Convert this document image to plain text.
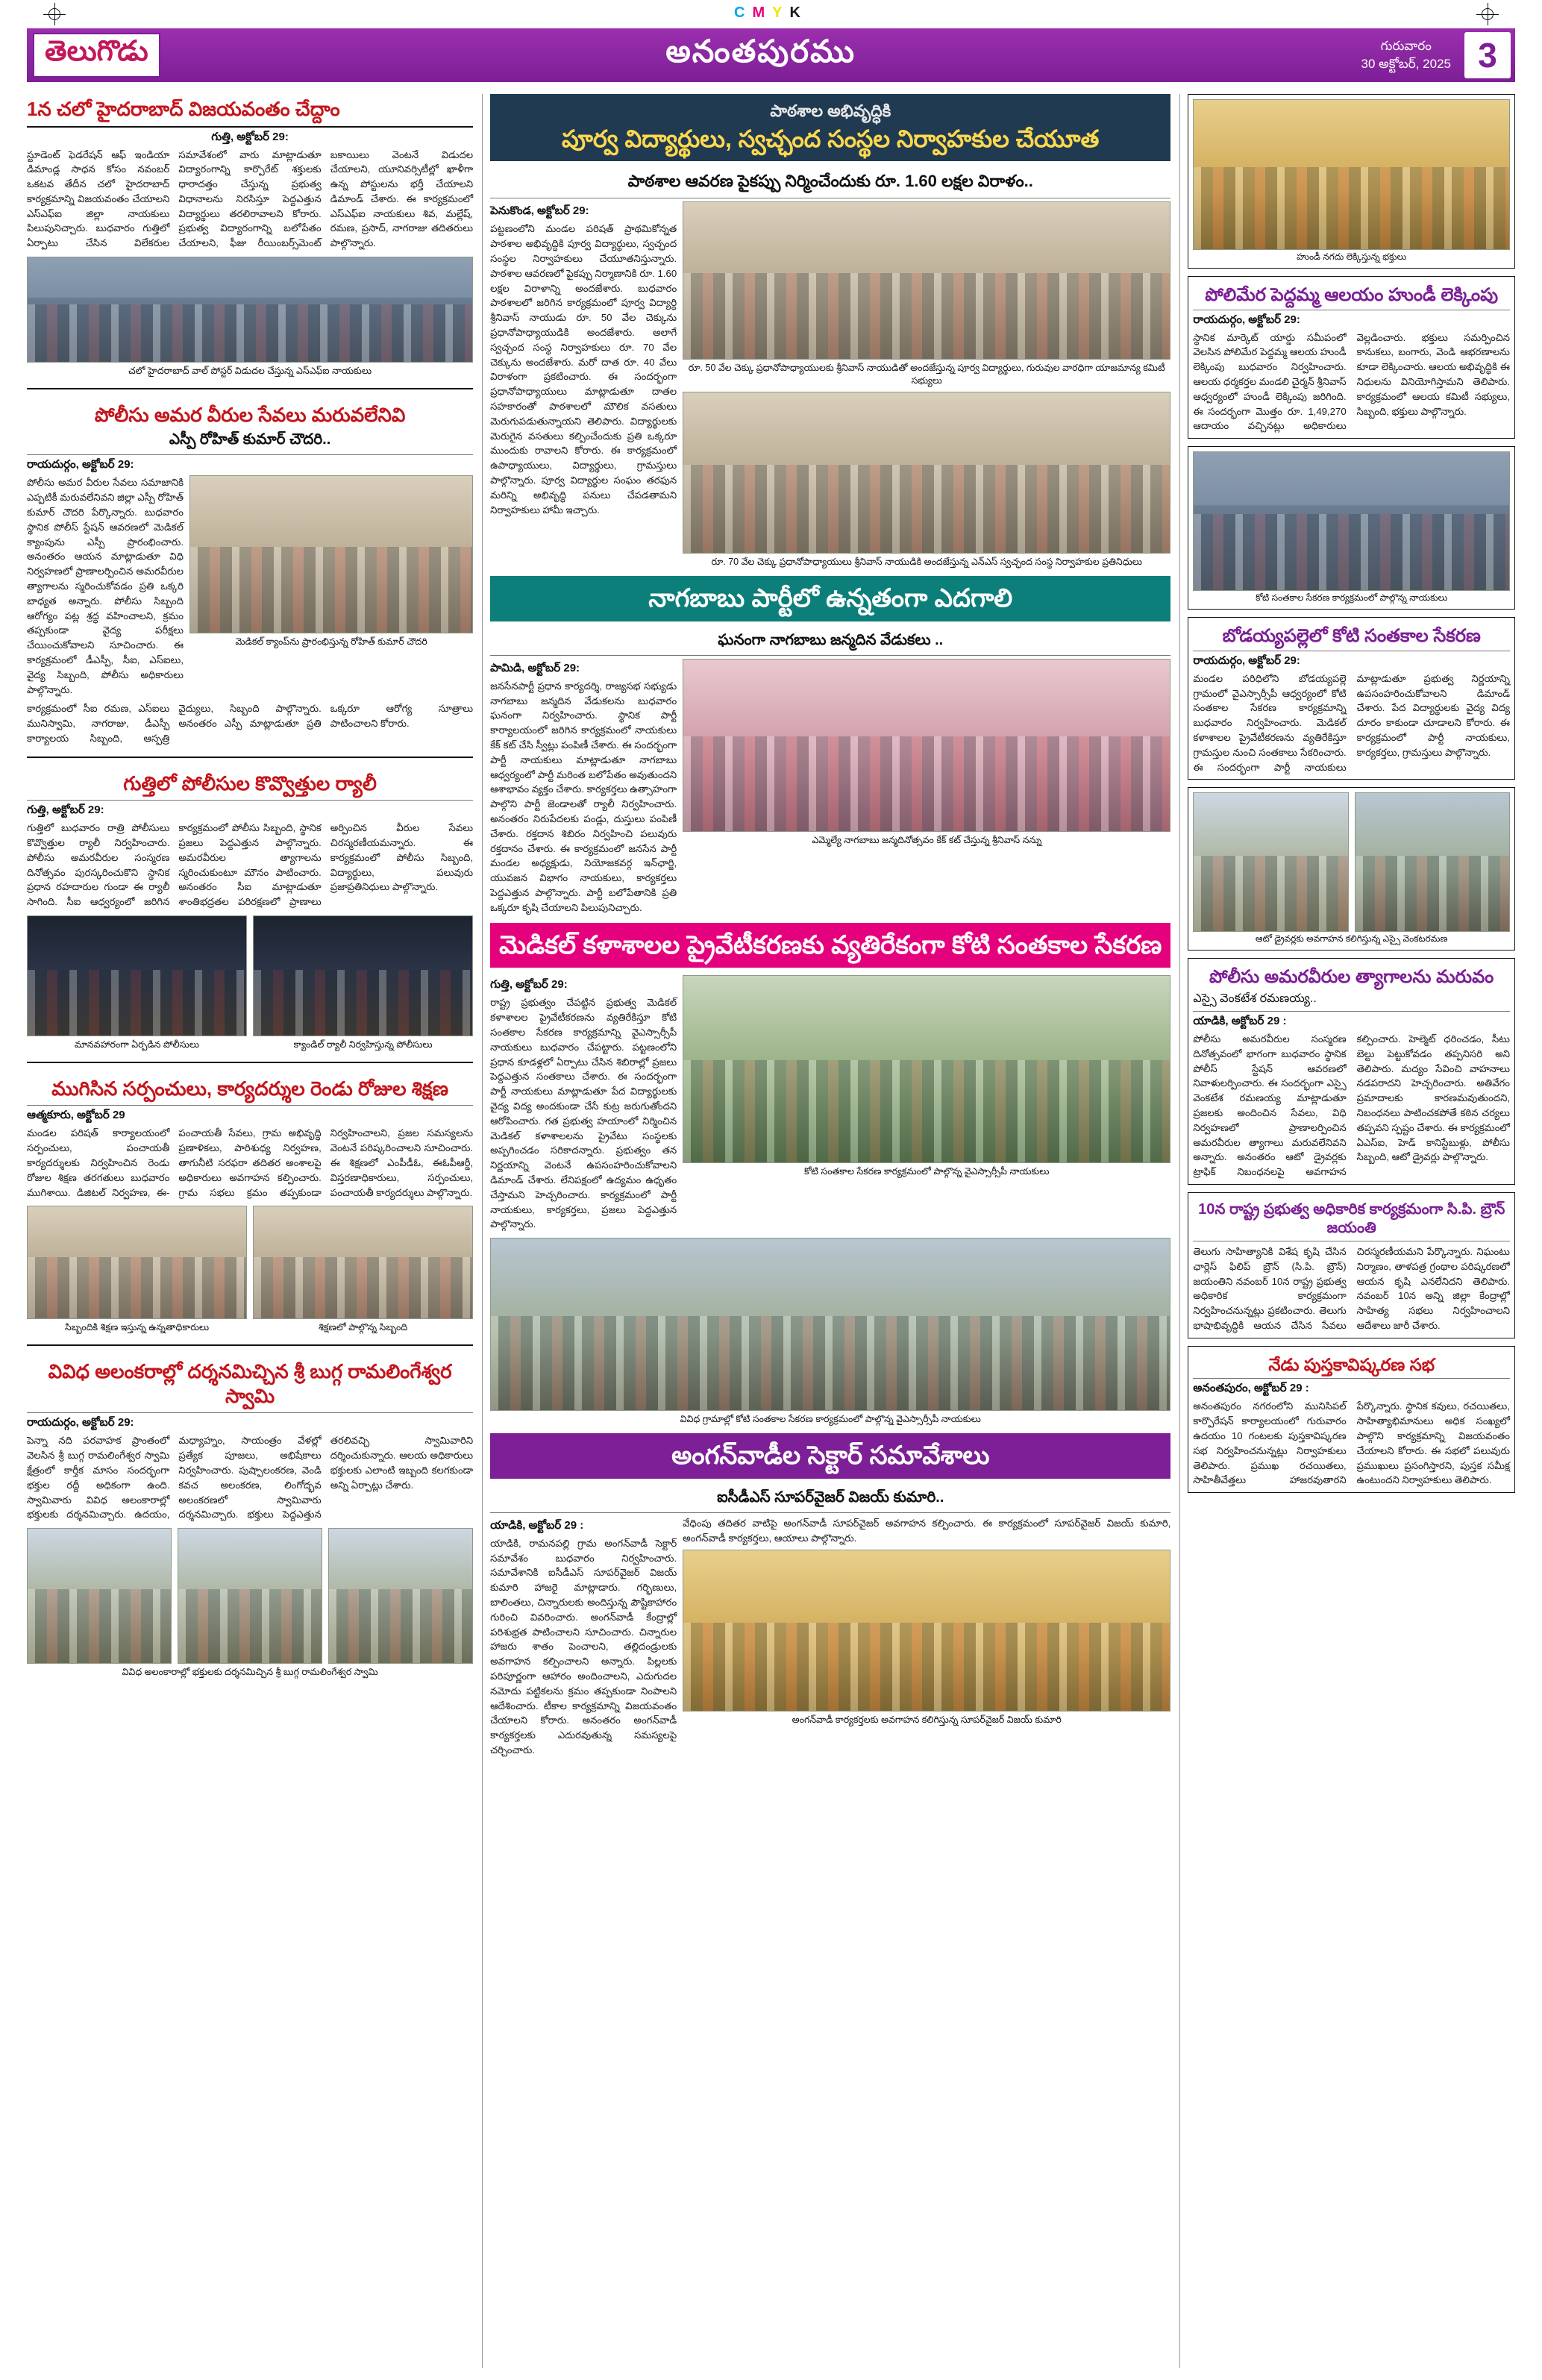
CMYK
తెలుగొడు	అనంతపురము	గురువారం
30 అక్టోబర్, 2025 3
1న చలో హైదరాబాద్ విజయవంతం చేద్దాం
గుత్తి, అక్టోబర్ 29:
స్టూడెంట్ ఫెడరేషన్ ఆఫ్ ఇండియా డిమాండ్ల సాధన కోసం నవంబర్ ఒకటవ తేదీన చలో హైదరాబాద్ కార్యక్రమాన్ని విజయవంతం చేయాలని ఎస్ఎఫ్ఐ జిల్లా నాయకులు పిలుపునిచ్చారు. బుధవారం గుత్తిలో ఏర్పాటు చేసిన విలేకరుల సమావేశంలో వారు మాట్లాడుతూ విద్యారంగాన్ని కార్పొరేట్ శక్తులకు ధారాదత్తం చేస్తున్న ప్రభుత్వ విధానాలను నిరసిస్తూ పెద్దఎత్తున విద్యార్థులు తరలిరావాలని కోరారు. ప్రభుత్వ విద్యారంగాన్ని బలోపేతం చేయాలని, ఫీజు రీయింబర్స్‌మెంట్ బకాయిలు వెంటనే విడుదల చేయాలని, యూనివర్సిటీల్లో ఖాళీగా ఉన్న పోస్టులను భర్తీ చేయాలని డిమాండ్ చేశారు. ఈ కార్యక్రమంలో ఎస్ఎఫ్ఐ నాయకులు శివ, మల్లేష్, రమణ, ప్రసాద్, నాగరాజు తదితరులు పాల్గొన్నారు.
చలో హైదరాబాద్ వాల్ పోస్టర్ విడుదల చేస్తున్న ఎస్ఎఫ్ఐ నాయకులు
పోలీసు అమర వీరుల సేవలు మరువలేనివి
ఎస్పీ రోహిత్ కుమార్ చౌదరి..
రాయదుర్గం, అక్టోబర్ 29:
పోలీసు అమర వీరుల సేవలు సమాజానికి ఎప్పటికీ మరువలేనివని జిల్లా ఎస్పీ రోహిత్ కుమార్ చౌదరి పేర్కొన్నారు. బుధవారం స్థానిక పోలీస్ స్టేషన్ ఆవరణలో మెడికల్ క్యాంపును ఎస్పీ ప్రారంభించారు. అనంతరం ఆయన మాట్లాడుతూ విధి నిర్వహణలో ప్రాణాలర్పించిన అమరవీరుల త్యాగాలను స్మరించుకోవడం ప్రతి ఒక్కరి బాధ్యత అన్నారు. పోలీసు సిబ్బంది ఆరోగ్యం పట్ల శ్రద్ధ వహించాలని, క్రమం తప్పకుండా వైద్య పరీక్షలు చేయించుకోవాలని సూచించారు. ఈ కార్యక్రమంలో డీఎస్పీ, సీఐ, ఎస్ఐలు, వైద్య సిబ్బంది, పోలీసు అధికారులు పాల్గొన్నారు.
మెడికల్ క్యాంప్‌ను ప్రారంభిస్తున్న రోహిత్ కుమార్ చౌదరి
కార్యక్రమంలో సీఐ రమణ, ఎస్ఐలు మునిస్వామి, నాగరాజు, డీఎస్పీ కార్యాలయ సిబ్బంది, ఆస్పత్రి వైద్యులు, సిబ్బంది పాల్గొన్నారు. అనంతరం ఎస్పీ మాట్లాడుతూ ప్రతి ఒక్కరూ ఆరోగ్య సూత్రాలు పాటించాలని కోరారు.
గుత్తిలో పోలీసుల కొవ్వొత్తుల ర్యాలీ
గుత్తి, అక్టోబర్ 29:
గుత్తిలో బుధవారం రాత్రి పోలీసులు కొవ్వొత్తుల ర్యాలీ నిర్వహించారు. పోలీసు అమరవీరుల సంస్మరణ దినోత్సవం పురస్కరించుకొని స్థానిక ప్రధాన రహదారుల గుండా ఈ ర్యాలీ సాగింది. సీఐ ఆధ్వర్యంలో జరిగిన కార్యక్రమంలో పోలీసు సిబ్బంది, స్థానిక ప్రజలు పెద్దఎత్తున పాల్గొన్నారు. అమరవీరుల త్యాగాలను స్మరించుకుంటూ మౌనం పాటించారు. అనంతరం సీఐ మాట్లాడుతూ శాంతిభద్రతల పరిరక్షణలో ప్రాణాలు అర్పించిన వీరుల సేవలు చిరస్మరణీయమన్నారు. ఈ కార్యక్రమంలో పోలీసు సిబ్బంది, విద్యార్థులు, పలువురు ప్రజాప్రతినిధులు పాల్గొన్నారు.
మానవహారంగా ఏర్పడిన పోలీసులు	క్యాండిల్ ర్యాలీ నిర్వహిస్తున్న పోలీసులు
ముగిసిన సర్పంచులు, కార్యదర్శుల రెండు రోజుల శిక్షణ
ఆత్మకూరు, అక్టోబర్ 29
మండల పరిషత్ కార్యాలయంలో సర్పంచులు, పంచాయతీ కార్యదర్శులకు నిర్వహించిన రెండు రోజుల శిక్షణ తరగతులు బుధవారం ముగిశాయి. డిజిటల్ నిర్వహణ, ఈ-పంచాయతీ సేవలు, గ్రామ అభివృద్ధి ప్రణాళికలు, పారిశుధ్య నిర్వహణ, తాగునీటి సరఫరా తదితర అంశాలపై అధికారులు అవగాహన కల్పించారు. గ్రామ సభలు క్రమం తప్పకుండా నిర్వహించాలని, ప్రజల సమస్యలను వెంటనే పరిష్కరించాలని సూచించారు. ఈ శిక్షణలో ఎంపీడీఓ, ఈఓపీఆర్డీ, విస్తరణాధికారులు, సర్పంచులు, పంచాయతీ కార్యదర్శులు పాల్గొన్నారు.
సిబ్బందికి శిక్షణ ఇస్తున్న ఉన్నతాధికారులు	శిక్షణలో పాల్గొన్న సిబ్బంది
వివిధ అలంకరాల్లో దర్శనమిచ్చిన శ్రీ బుగ్గ రామలింగేశ్వర స్వామి
రాయదుర్గం, అక్టోబర్ 29:
పెన్నా నది పరవాహక ప్రాంతంలో వెలసిన శ్రీ బుగ్గ రామలింగేశ్వర స్వామి క్షేత్రంలో కార్తీక మాసం సందర్భంగా భక్తుల రద్దీ అధికంగా ఉంది. స్వామివారు వివిధ అలంకారాల్లో భక్తులకు దర్శనమిచ్చారు. ఉదయం, మధ్యాహ్నం, సాయంత్రం వేళల్లో ప్రత్యేక పూజలు, అభిషేకాలు నిర్వహించారు. పుష్పాలంకరణ, వెండి కవచ అలంకరణ, లింగోద్భవ అలంకరణలో స్వామివారు దర్శనమిచ్చారు. భక్తులు పెద్దఎత్తున తరలివచ్చి స్వామివారిని దర్శించుకున్నారు. ఆలయ అధికారులు భక్తులకు ఎలాంటి ఇబ్బంది కలగకుండా అన్ని ఏర్పాట్లు చేశారు.
వివిధ అలంకారాల్లో భక్తులకు దర్శనమిచ్చిన శ్రీ బుగ్గ రామలింగేశ్వర స్వామి
పాఠశాల అభివృద్ధికి
పూర్వ విద్యార్థులు, స్వచ్ఛంద సంస్థల నిర్వాహకుల చేయూత
పాఠశాల ఆవరణ పైకప్పు నిర్మించేందుకు రూ. 1.60 లక్షల విరాళం..
పెనుకొండ, అక్టోబర్ 29:
పట్టణంలోని మండల పరిషత్ ప్రాథమికోన్నత పాఠశాల అభివృద్ధికి పూర్వ విద్యార్థులు, స్వచ్ఛంద సంస్థల నిర్వాహకులు చేయూతనిస్తున్నారు. పాఠశాల ఆవరణలో పైకప్పు నిర్మాణానికి రూ. 1.60 లక్షల విరాళాన్ని అందజేశారు. బుధవారం పాఠశాలలో జరిగిన కార్యక్రమంలో పూర్వ విద్యార్థి శ్రీనివాస్ నాయుడు రూ. 50 వేల చెక్కును ప్రధానోపాధ్యాయుడికి అందజేశారు. అలాగే స్వచ్ఛంద సంస్థ నిర్వాహకులు రూ. 70 వేల చెక్కును అందజేశారు. మరో దాత రూ. 40 వేలు విరాళంగా ప్రకటించారు. ఈ సందర్భంగా ప్రధానోపాధ్యాయులు మాట్లాడుతూ దాతల సహకారంతో పాఠశాలలో మౌలిక వసతులు మెరుగుపడుతున్నాయని తెలిపారు. విద్యార్థులకు మెరుగైన వసతులు కల్పించేందుకు ప్రతి ఒక్కరూ ముందుకు రావాలని కోరారు. ఈ కార్యక్రమంలో ఉపాధ్యాయులు, విద్యార్థులు, గ్రామస్తులు పాల్గొన్నారు. పూర్వ విద్యార్థుల సంఘం తరఫున మరిన్ని అభివృద్ధి పనులు చేపడతామని నిర్వాహకులు హామీ ఇచ్చారు.
రూ. 50 వేల చెక్కు ప్రధానోపాధ్యాయులకు శ్రీనివాస్ నాయుడితో అందజేస్తున్న పూర్వ విద్యార్థులు, గురువుల వారధిగా యాజమాన్య కమిటీ సభ్యులు
రూ. 70 వేల చెక్కు ప్రధానోపాధ్యాయులు శ్రీనివాస్ నాయుడికి అందజేస్తున్న ఎన్ఎస్ స్వచ్ఛంద సంస్థ నిర్వాహకుల ప్రతినిధులు
నాగబాబు పార్టీలో ఉన్నతంగా ఎదగాలి
ఘనంగా నాగబాబు జన్మదిన వేడుకలు ..
పామిడి, అక్టోబర్ 29:
జనసేనపార్టీ ప్రధాన కార్యదర్శి, రాజ్యసభ సభ్యుడు నాగబాబు జన్మదిన వేడుకలను బుధవారం ఘనంగా నిర్వహించారు. స్థానిక పార్టీ కార్యాలయంలో జరిగిన కార్యక్రమంలో నాయకులు కేక్ కట్ చేసి స్వీట్లు పంపిణీ చేశారు. ఈ సందర్భంగా పార్టీ నాయకులు మాట్లాడుతూ నాగబాబు ఆధ్వర్యంలో పార్టీ మరింత బలోపేతం అవుతుందని ఆశాభావం వ్యక్తం చేశారు. కార్యకర్తలు ఉత్సాహంగా పాల్గొని పార్టీ జెండాలతో ర్యాలీ నిర్వహించారు. అనంతరం నిరుపేదలకు పండ్లు, దుస్తులు పంపిణీ చేశారు. రక్తదాన శిబిరం నిర్వహించి పలువురు రక్తదానం చేశారు. ఈ కార్యక్రమంలో జనసేన పార్టీ మండల అధ్యక్షుడు, నియోజకవర్గ ఇన్‌ఛార్జి, యువజన విభాగం నాయకులు, కార్యకర్తలు పెద్దఎత్తున పాల్గొన్నారు. పార్టీ బలోపేతానికి ప్రతి ఒక్కరూ కృషి చేయాలని పిలుపునిచ్చారు.
ఎమ్మెల్యే నాగబాబు జన్మదినోత్సవం కేక్ కట్ చేస్తున్న శ్రీనివాస్ నన్ను
మెడికల్ కళాశాలల ప్రైవేటీకరణకు వ్యతిరేకంగా కోటి సంతకాల సేకరణ
గుత్తి, అక్టోబర్ 29:
రాష్ట్ర ప్రభుత్వం చేపట్టిన ప్రభుత్వ మెడికల్ కళాశాలల ప్రైవేటీకరణను వ్యతిరేకిస్తూ కోటి సంతకాల సేకరణ కార్యక్రమాన్ని వైఎస్సార్సీపీ నాయకులు బుధవారం చేపట్టారు. పట్టణంలోని ప్రధాన కూడళ్లలో ఏర్పాటు చేసిన శిబిరాల్లో ప్రజలు పెద్దఎత్తున సంతకాలు చేశారు. ఈ సందర్భంగా పార్టీ నాయకులు మాట్లాడుతూ పేద విద్యార్థులకు వైద్య విద్య అందకుండా చేసే కుట్ర జరుగుతోందని ఆరోపించారు. గత ప్రభుత్వ హయాంలో నిర్మించిన మెడికల్ కళాశాలలను ప్రైవేటు సంస్థలకు అప్పగించడం సరికాదన్నారు. ప్రభుత్వం తన నిర్ణయాన్ని వెంటనే ఉపసంహరించుకోవాలని డిమాండ్ చేశారు. లేనిపక్షంలో ఉద్యమం ఉధృతం చేస్తామని హెచ్చరించారు. కార్యక్రమంలో పార్టీ నాయకులు, కార్యకర్తలు, ప్రజలు పెద్దఎత్తున పాల్గొన్నారు.
కోటి సంతకాల సేకరణ కార్యక్రమంలో పాల్గొన్న వైఎస్సార్సీపీ నాయకులు
వివిధ గ్రామాల్లో కోటి సంతకాల సేకరణ కార్యక్రమంలో పాల్గొన్న వైఎస్సార్సీపీ నాయకులు
అంగన్‌వాడీల సెక్టార్ సమావేశాలు
ఐసీడీఎస్ సూపర్‌వైజర్ విజయ్ కుమారి..
యాడికి, అక్టోబర్ 29 :
యాడికి, రామనపల్లి గ్రామ అంగన్‌వాడీ సెక్టార్ సమావేశం బుధవారం నిర్వహించారు. సమావేశానికి ఐసీడీఎస్ సూపర్‌వైజర్ విజయ్ కుమారి హాజరై మాట్లాడారు. గర్భిణులు, బాలింతలు, చిన్నారులకు అందిస్తున్న పౌష్టికాహారం గురించి వివరించారు. అంగన్‌వాడీ కేంద్రాల్లో పరిశుభ్రత పాటించాలని సూచించారు. చిన్నారుల హాజరు శాతం పెంచాలని, తల్లిదండ్రులకు అవగాహన కల్పించాలని అన్నారు. పిల్లలకు పరిపూర్ణంగా ఆహారం అందించాలని, ఎదుగుదల నమోదు పట్టికలను క్రమం తప్పకుండా నింపాలని ఆదేశించారు. టీకాల కార్యక్రమాన్ని విజయవంతం చేయాలని కోరారు. అనంతరం అంగన్‌వాడీ కార్యకర్తలకు ఎదురవుతున్న సమస్యలపై చర్చించారు.
వేధింపు తదితర వాటిపై అంగన్‌వాడీ సూపర్‌వైజర్ అవగాహన కల్పించారు. ఈ కార్యక్రమంలో సూపర్‌వైజర్ విజయ్ కుమారి, అంగన్‌వాడీ కార్యకర్తలు, ఆయాలు పాల్గొన్నారు.
అంగన్‌వాడీ కార్యకర్తలకు అవగాహన కలిగిస్తున్న సూపర్‌వైజర్ విజయ్ కుమారి
హుండీ నగదు లెక్కిస్తున్న భక్తులు
పోలిమేర పెద్దమ్మ ఆలయం హుండీ లెక్కింపు
రాయదుర్గం, అక్టోబర్ 29:
స్థానిక మార్కెట్ యార్డు సమీపంలో వెలసిన పోలిమేర పెద్దమ్మ ఆలయ హుండీ లెక్కింపు బుధవారం నిర్వహించారు. ఆలయ ధర్మకర్తల మండలి చైర్మన్ శ్రీనివాస్ ఆధ్వర్యంలో హుండీ లెక్కింపు జరిగింది. ఈ సందర్భంగా మొత్తం రూ. 1,49,270 ఆదాయం వచ్చినట్లు అధికారులు వెల్లడించారు. భక్తులు సమర్పించిన కానుకలు, బంగారు, వెండి ఆభరణాలను కూడా లెక్కించారు. ఆలయ అభివృద్ధికి ఈ నిధులను వినియోగిస్తామని తెలిపారు. కార్యక్రమంలో ఆలయ కమిటీ సభ్యులు, సిబ్బంది, భక్తులు పాల్గొన్నారు.
కోటి సంతకాల సేకరణ కార్యక్రమంలో పాల్గొన్న నాయకులు
బోడయ్యపల్లెలో కోటి సంతకాల సేకరణ
రాయదుర్గం, అక్టోబర్ 29:
మండల పరిధిలోని బోడయ్యపల్లె గ్రామంలో వైఎస్సార్సీపీ ఆధ్వర్యంలో కోటి సంతకాల సేకరణ కార్యక్రమాన్ని బుధవారం నిర్వహించారు. మెడికల్ కళాశాలల ప్రైవేటీకరణను వ్యతిరేకిస్తూ గ్రామస్తుల నుంచి సంతకాలు సేకరించారు. ఈ సందర్భంగా పార్టీ నాయకులు మాట్లాడుతూ ప్రభుత్వ నిర్ణయాన్ని ఉపసంహరించుకోవాలని డిమాండ్ చేశారు. పేద విద్యార్థులకు వైద్య విద్య దూరం కాకుండా చూడాలని కోరారు. ఈ కార్యక్రమంలో పార్టీ నాయకులు, కార్యకర్తలు, గ్రామస్తులు పాల్గొన్నారు.
ఆటో డ్రైవర్లకు అవగాహన కలిగిస్తున్న ఎస్సై వెంకటరమణ
పోలీసు అమరవీరుల త్యాగాలను మరువం
ఎస్సై వెంకటేశ రమణయ్య..
యాడికి, అక్టోబర్ 29 :
పోలీసు అమరవీరుల సంస్మరణ దినోత్సవంలో భాగంగా బుధవారం స్థానిక పోలీస్ స్టేషన్ ఆవరణలో నివాళులర్పించారు. ఈ సందర్భంగా ఎస్సై వెంకటేశ రమణయ్య మాట్లాడుతూ ప్రజలకు అందించిన సేవలు, విధి నిర్వహణలో ప్రాణాలర్పించిన అమరవీరుల త్యాగాలు మరువలేనివని అన్నారు. అనంతరం ఆటో డ్రైవర్లకు ట్రాఫిక్ నిబంధనలపై అవగాహన కల్పించారు. హెల్మెట్ ధరించడం, సీటు బెల్టు పెట్టుకోవడం తప్పనిసరి అని తెలిపారు. మద్యం సేవించి వాహనాలు నడపరాదని హెచ్చరించారు. అతివేగం ప్రమాదాలకు కారణమవుతుందని, నిబంధనలు పాటించకపోతే కఠిన చర్యలు తప్పవని స్పష్టం చేశారు. ఈ కార్యక్రమంలో ఏఎస్ఐ, హెడ్ కానిస్టేబుళ్లు, పోలీసు సిబ్బంది, ఆటో డ్రైవర్లు పాల్గొన్నారు.
10న రాష్ట్ర ప్రభుత్వ అధికారిక కార్యక్రమంగా సి.పి. బ్రౌన్ జయంతి
తెలుగు సాహిత్యానికి విశేష కృషి చేసిన ఛార్లెస్ ఫిలిప్ బ్రౌన్ (సి.పి. బ్రౌన్) జయంతిని నవంబర్ 10న రాష్ట్ర ప్రభుత్వ అధికారిక కార్యక్రమంగా నిర్వహించనున్నట్లు ప్రకటించారు. తెలుగు భాషాభివృద్ధికి ఆయన చేసిన సేవలు చిరస్మరణీయమని పేర్కొన్నారు. నిఘంటు నిర్మాణం, తాళపత్ర గ్రంథాల పరిష్కరణలో ఆయన కృషి ఎనలేనిదని తెలిపారు. నవంబర్ 10న అన్ని జిల్లా కేంద్రాల్లో సాహిత్య సభలు నిర్వహించాలని ఆదేశాలు జారీ చేశారు.
నేడు పుస్తకావిష్కరణ సభ
అనంతపురం, అక్టోబర్ 29 :
అనంతపురం నగరంలోని మునిసిపల్ కార్పొరేషన్ కార్యాలయంలో గురువారం ఉదయం 10 గంటలకు పుస్తకావిష్కరణ సభ నిర్వహించనున్నట్లు నిర్వాహకులు తెలిపారు. ప్రముఖ రచయితలు, సాహితీవేత్తలు హాజరవుతారని పేర్కొన్నారు. స్థానిక కవులు, రచయితలు, సాహిత్యాభిమానులు అధిక సంఖ్యలో పాల్గొని కార్యక్రమాన్ని విజయవంతం చేయాలని కోరారు. ఈ సభలో పలువురు ప్రముఖులు ప్రసంగిస్తారని, పుస్తక సమీక్ష ఉంటుందని నిర్వాహకులు తెలిపారు.
